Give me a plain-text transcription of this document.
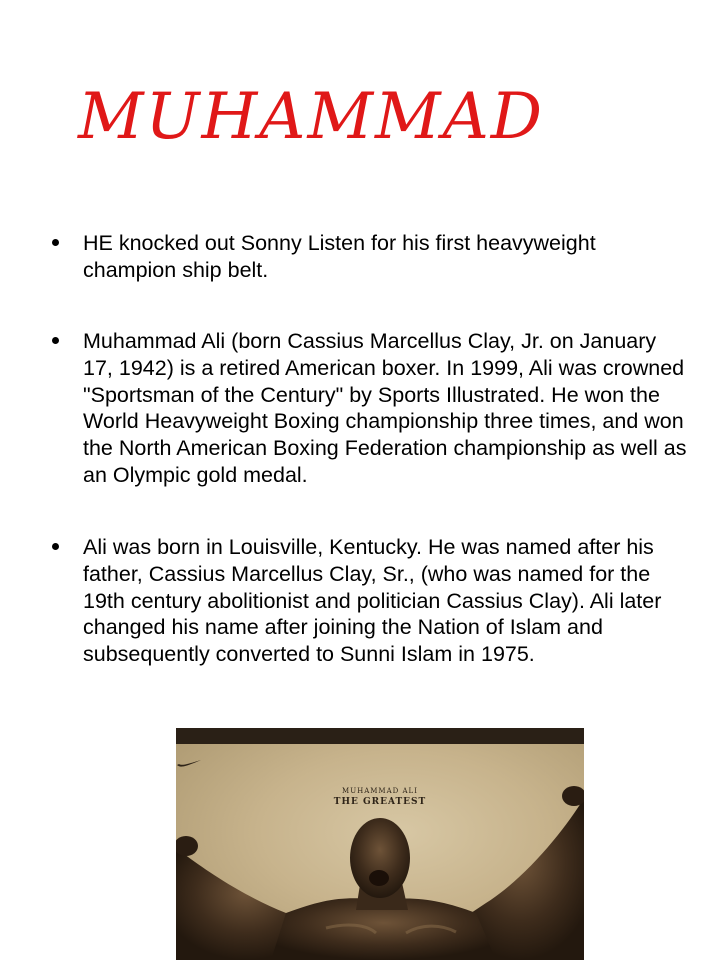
MUHAMMAD

HE knocked out Sonny Listen for his first heavyweight champion ship belt.

Muhammad Ali (born Cassius Marcellus Clay, Jr. on January 17, 1942) is a retired American boxer. In 1999, Ali was crowned "Sportsman of the Century" by Sports Illustrated. He won the World Heavyweight Boxing championship three times, and won the North American Boxing Federation championship as well as an Olympic gold medal.

Ali was born in Louisville, Kentucky. He was named after his father, Cassius Marcellus Clay, Sr., (who was named for the 19th century abolitionist and politician Cassius Clay). Ali later changed his name after joining the Nation of Islam and subsequently converted to Sunni Islam in 1975.

MUHAMMAD ALI
THE GREATEST
